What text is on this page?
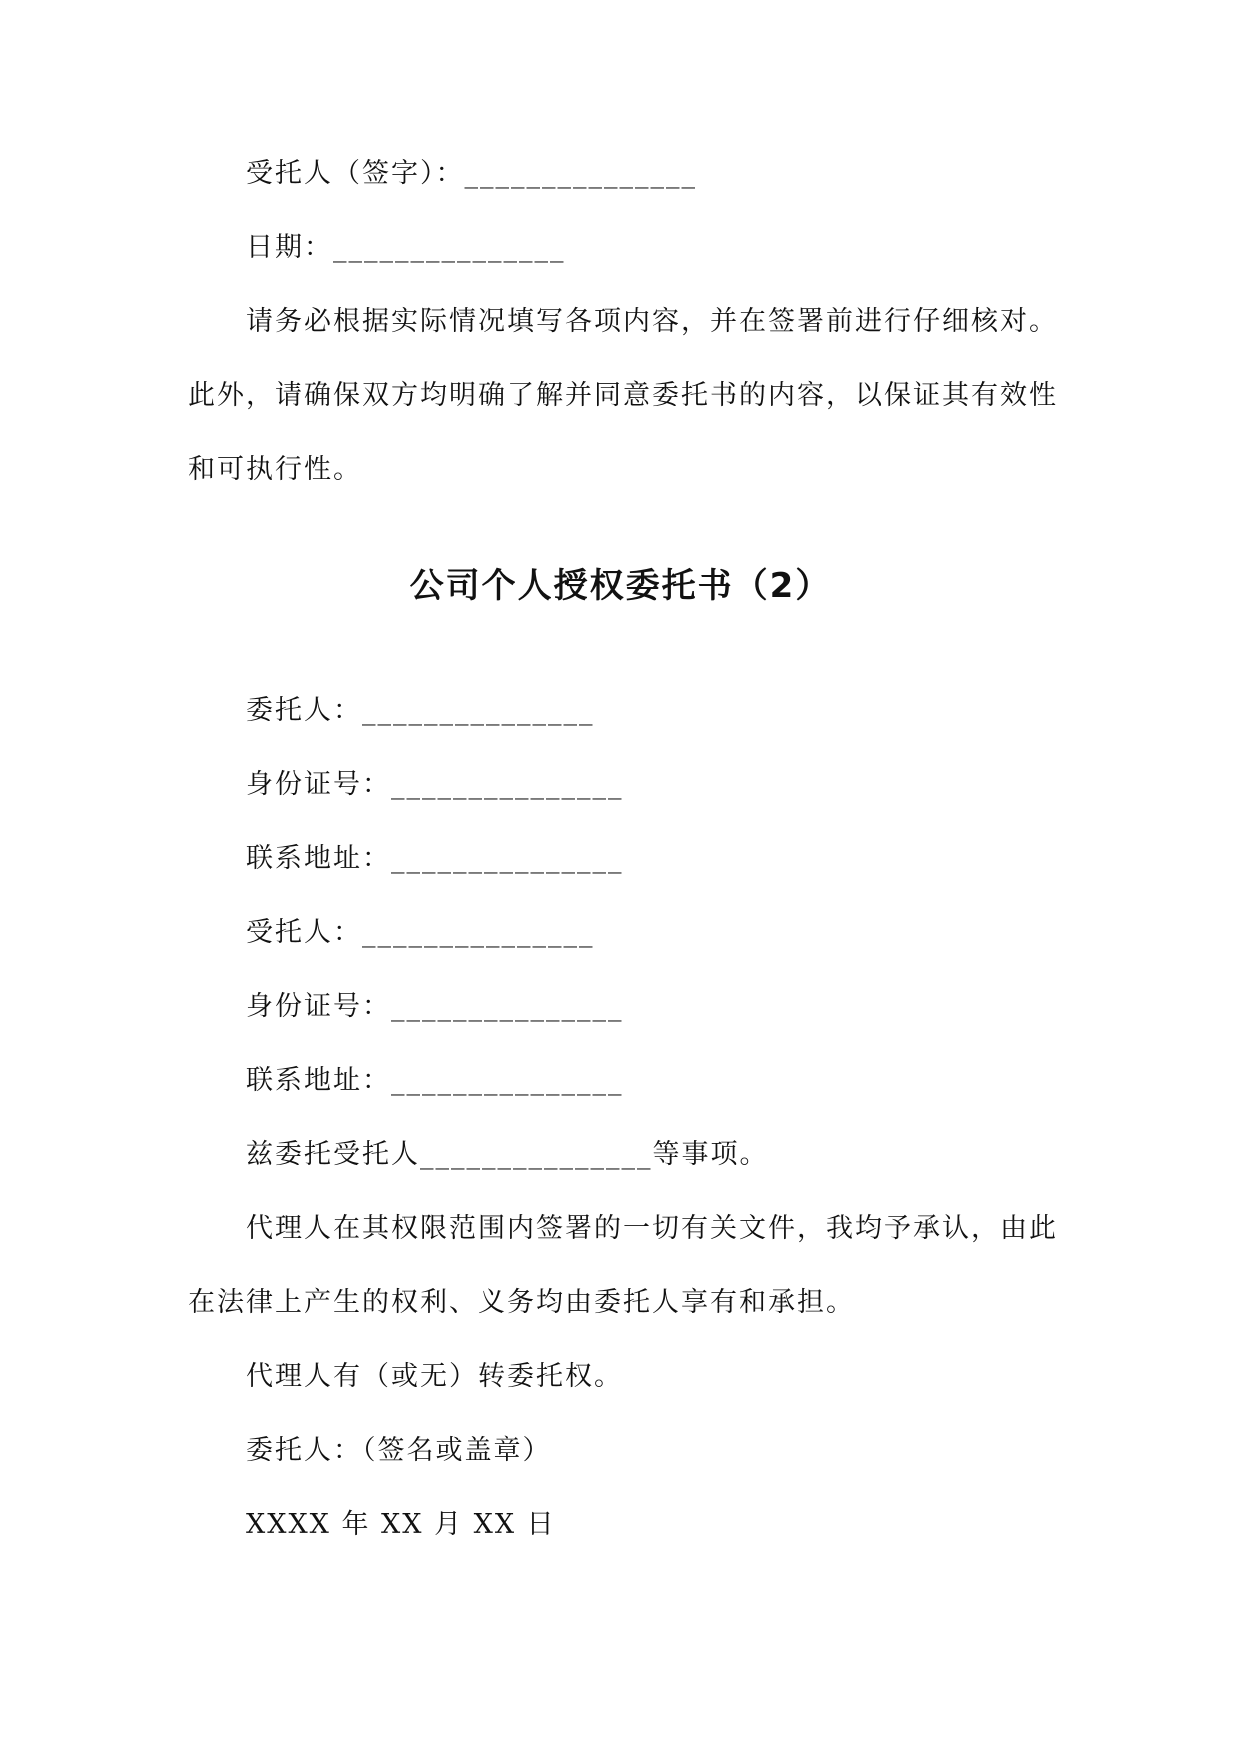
受托人（签字）：_______________
日期：_______________
请务必根据实际情况填写各项内容，并在签署前进行仔细核对。
此外，请确保双方均明确了解并同意委托书的内容，以保证其有效性
和可执行性。
公司个人授权委托书（2）
委托人：_______________
身份证号：_______________
联系地址：_______________
受托人：_______________
身份证号：_______________
联系地址：_______________
兹委托受托人_______________等事项。
代理人在其权限范围内签署的一切有关文件，我均予承认，由此
在法律上产生的权利、义务均由委托人享有和承担。
代理人有（或无）转委托权。
委托人：（签名或盖章）
XXXX 年 XX 月 XX 日
